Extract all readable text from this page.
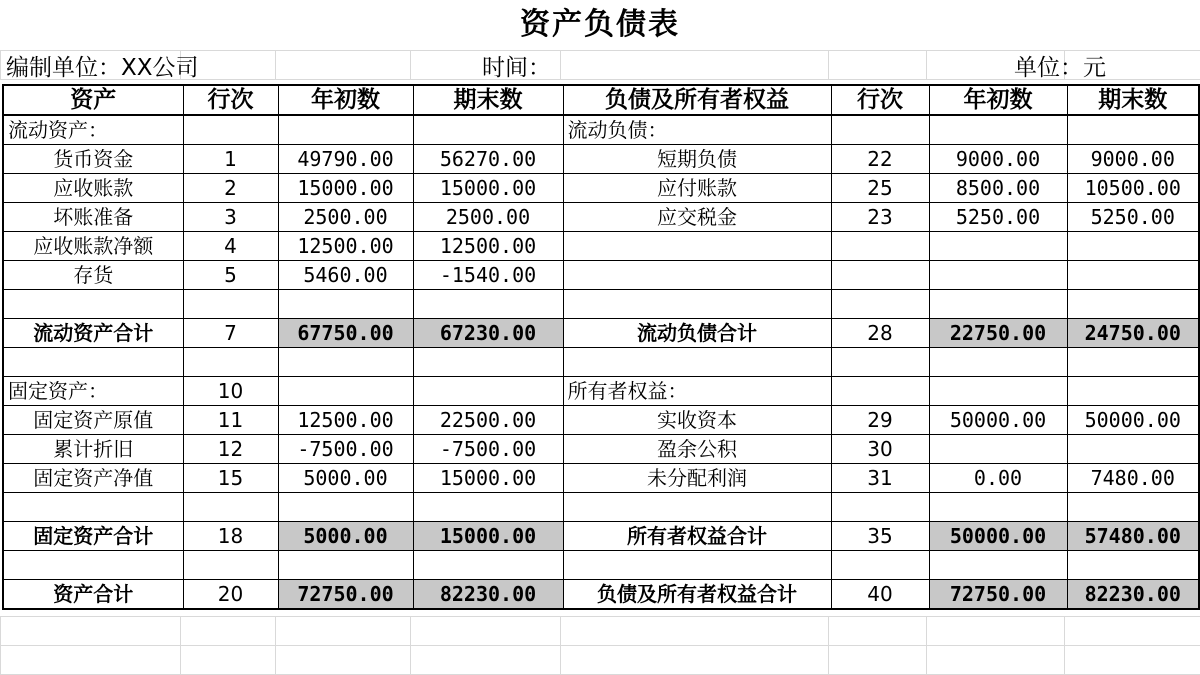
资产负债表
编制单位：XX公司	时间：	单位：元
资产	行次	年初数	期末数	负债及所有者权益	行次	年初数	期末数
流动资产：				流动负债：			
货币资金	1	49790.00	56270.00	短期负债	22	9000.00	9000.00
应收账款	2	15000.00	15000.00	应付账款	25	8500.00	10500.00
坏账准备	3	2500.00	2500.00	应交税金	23	5250.00	5250.00
应收账款净额	4	12500.00	12500.00				
存货	5	5460.00	-1540.00				

流动资产合计	7	67750.00	67230.00	流动负债合计	28	22750.00	24750.00

固定资产：	10			所有者权益：			
固定资产原值	11	12500.00	22500.00	实收资本	29	50000.00	50000.00
累计折旧	12	-7500.00	-7500.00	盈余公积	30		
固定资产净值	15	5000.00	15000.00	未分配利润	31	0.00	7480.00

固定资产合计	18	5000.00	15000.00	所有者权益合计	35	50000.00	57480.00

资产合计	20	72750.00	82230.00	负债及所有者权益合计	40	72750.00	82230.00
